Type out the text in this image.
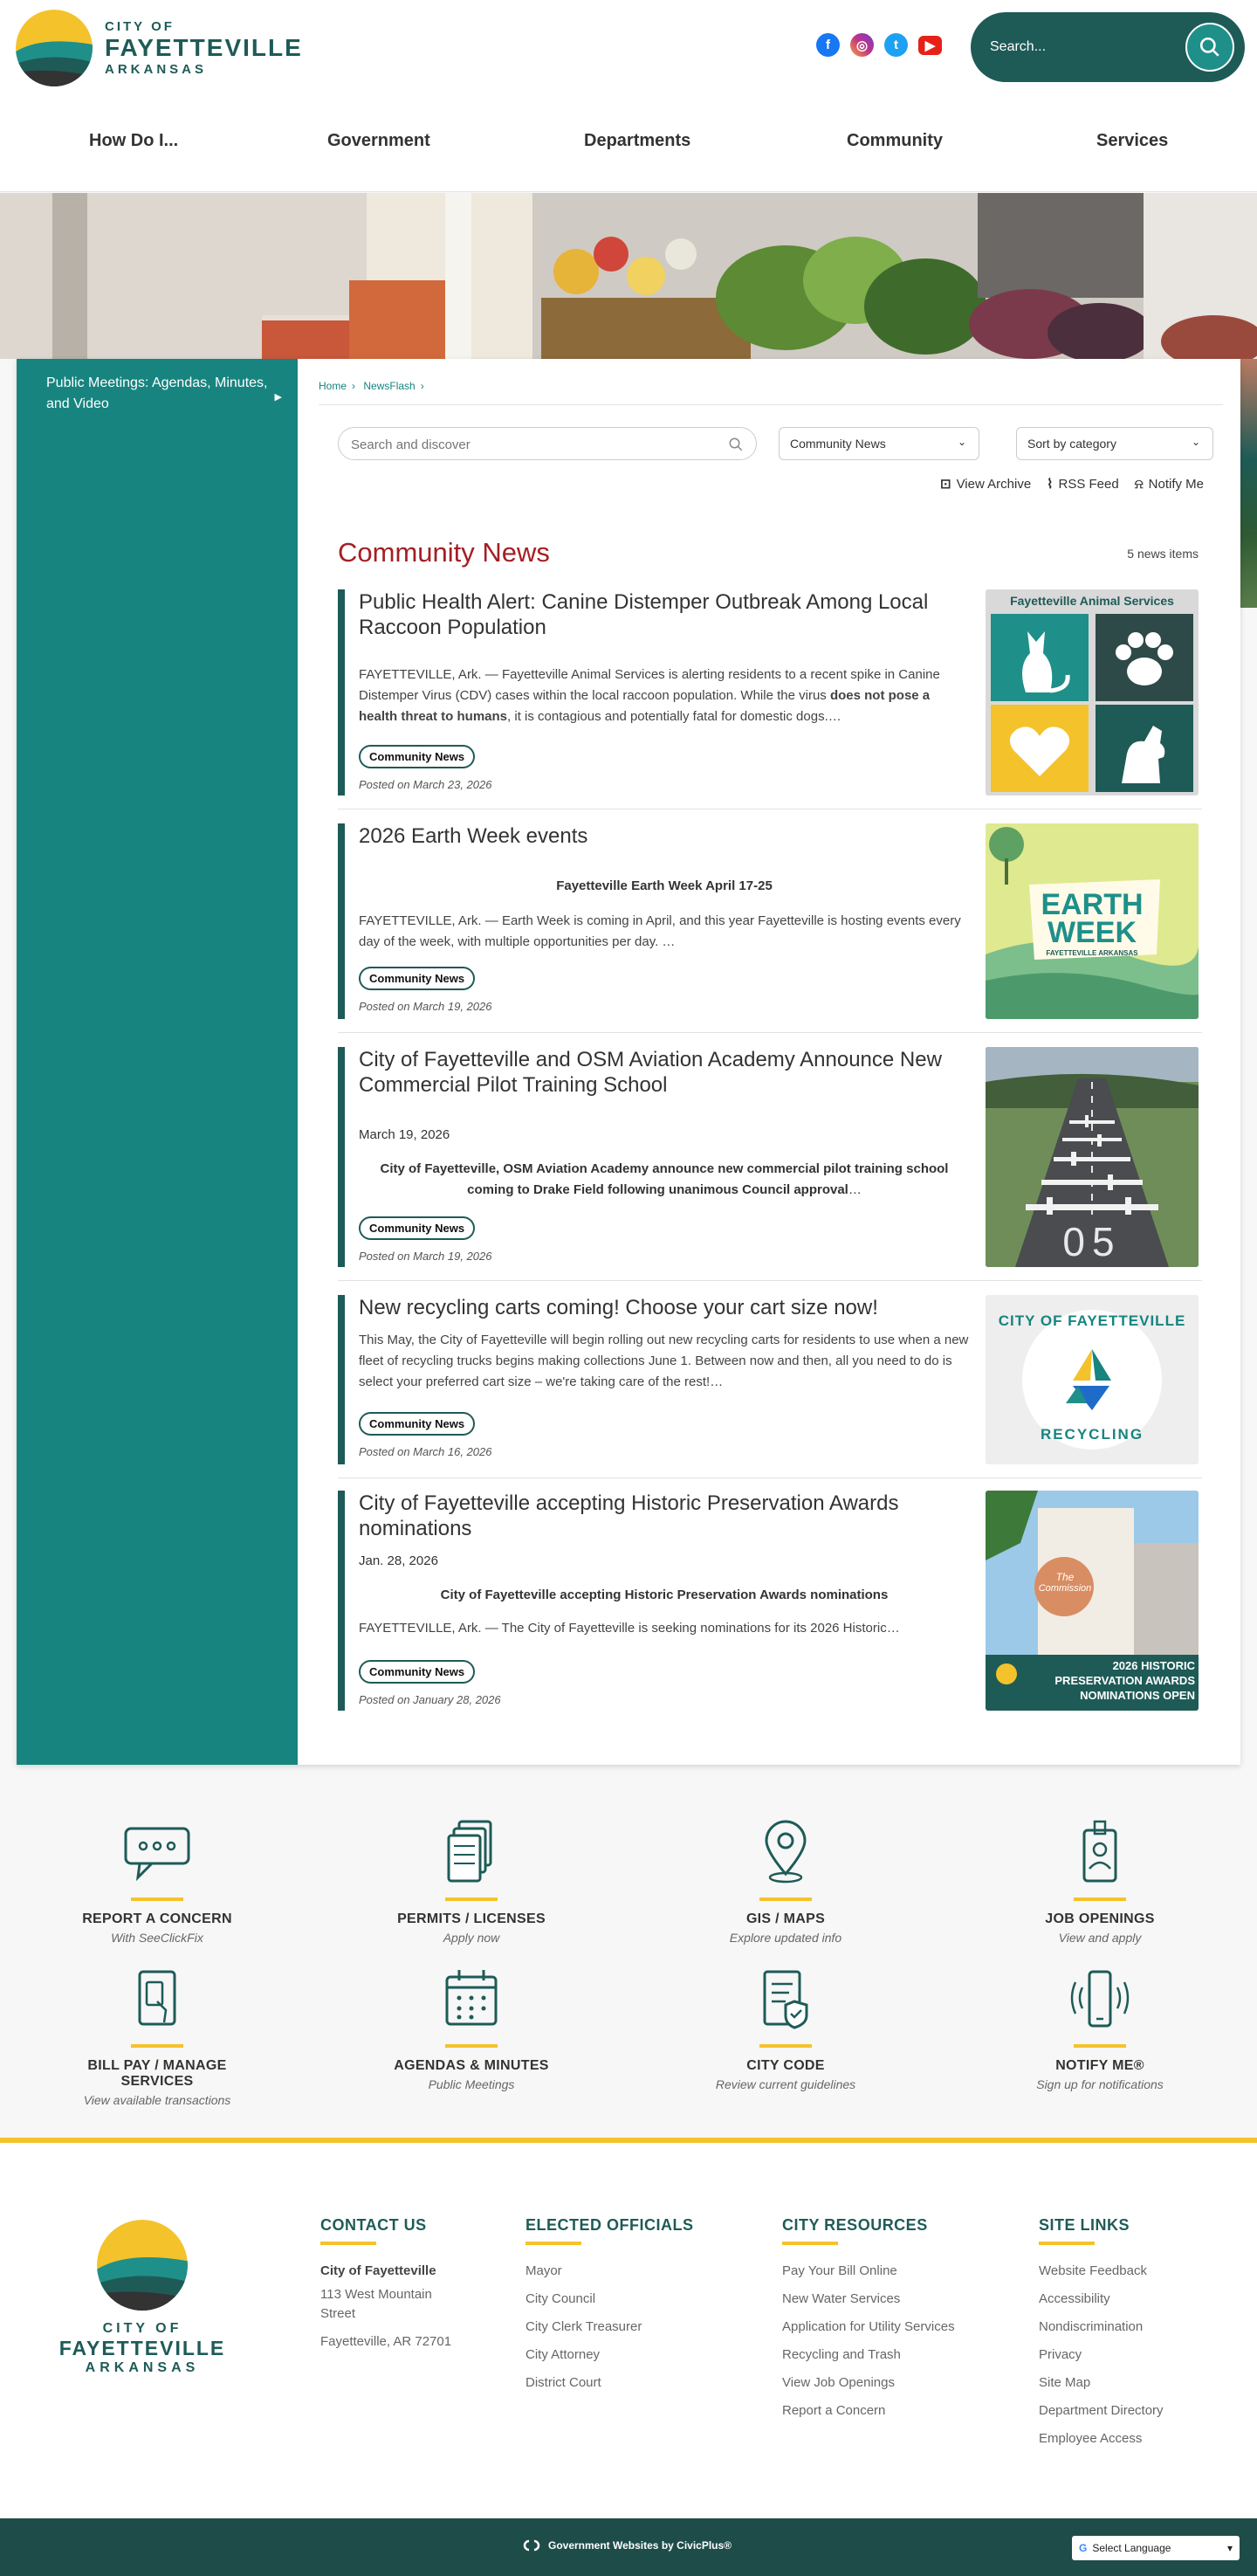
CITY OF
FAYETTEVILLE
ARKANSAS
f	◎	t	▶
Search...
How Do I...	Government	Departments	Community	Services
Public Meetings: Agendas, Minutes, and Video	▶
Home › NewsFlash ›
Search and discover
Community News	⌄	Sort by category	⌄
⊡ View Archive ⌇ RSS Feed ⍾ Notify Me
Community News	5 news items
Public Health Alert: Canine Distemper Outbreak Among Local Raccoon Population
FAYETTEVILLE, Ark. — Fayetteville Animal Services is alerting residents to a recent spike in Canine Distemper Virus (CDV) cases within the local raccoon population. While the virus does not pose a health threat to humans, it is contagious and potentially fatal for domestic dogs.…
Community News
Posted on March 23, 2026
Fayetteville Animal Services
2026 Earth Week events
Fayetteville Earth Week April 17-25
FAYETTEVILLE, Ark. — Earth Week is coming in April, and this year Fayetteville is hosting events every day of the week, with multiple opportunities per day. …
Community News
Posted on March 19, 2026
EARTH
WEEK
FAYETTEVILLE ARKANSAS
City of Fayetteville and OSM Aviation Academy Announce New Commercial Pilot Training School
March 19, 2026
City of Fayetteville, OSM Aviation Academy announce new commercial pilot training school coming to Drake Field following unanimous Council approval…
Community News
Posted on March 19, 2026	05
New recycling carts coming! Choose your cart size now!
This May, the City of Fayetteville will begin rolling out new recycling carts for residents to use when a new fleet of recycling trucks begins making collections June 1. Between now and then, all you need to do is select your preferred cart size – we're taking care of the rest!…
Community News
Posted on March 16, 2026
CITY OF FAYETTEVILLE
RECYCLING
City of Fayetteville accepting Historic Preservation Awards nominations
Jan. 28, 2026
City of Fayetteville accepting Historic Preservation Awards nominations
FAYETTEVILLE, Ark. — The City of Fayetteville is seeking nominations for its 2026 Historic…
Community News
Posted on January 28, 2026
The
Commission
2026 HISTORIC
PRESERVATION AWARDS
NOMINATIONS OPEN
REPORT A CONCERN
With SeeClickFix
PERMITS / LICENSES
Apply now
GIS / MAPS
Explore updated info
JOB OPENINGS
View and apply
BILL PAY / MANAGE SERVICES
View available transactions
AGENDAS & MINUTES
Public Meetings
CITY CODE
Review current guidelines
NOTIFY ME®
Sign up for notifications
CITY OF
FAYETTEVILLE
ARKANSAS
CONTACT US
City of Fayetteville
113 West Mountain Street
Fayetteville, AR 72701
ELECTED OFFICIALS
Mayor
City Council
City Clerk Treasurer
City Attorney
District Court
CITY RESOURCES
Pay Your Bill Online
New Water Services
Application for Utility Services
Recycling and Trash
View Job Openings
Report a Concern
SITE LINKS
Website Feedback
Accessibility
Nondiscrimination
Privacy
Site Map
Department Directory
Employee Access
Government Websites by CivicPlus®	G Select Language	▾
